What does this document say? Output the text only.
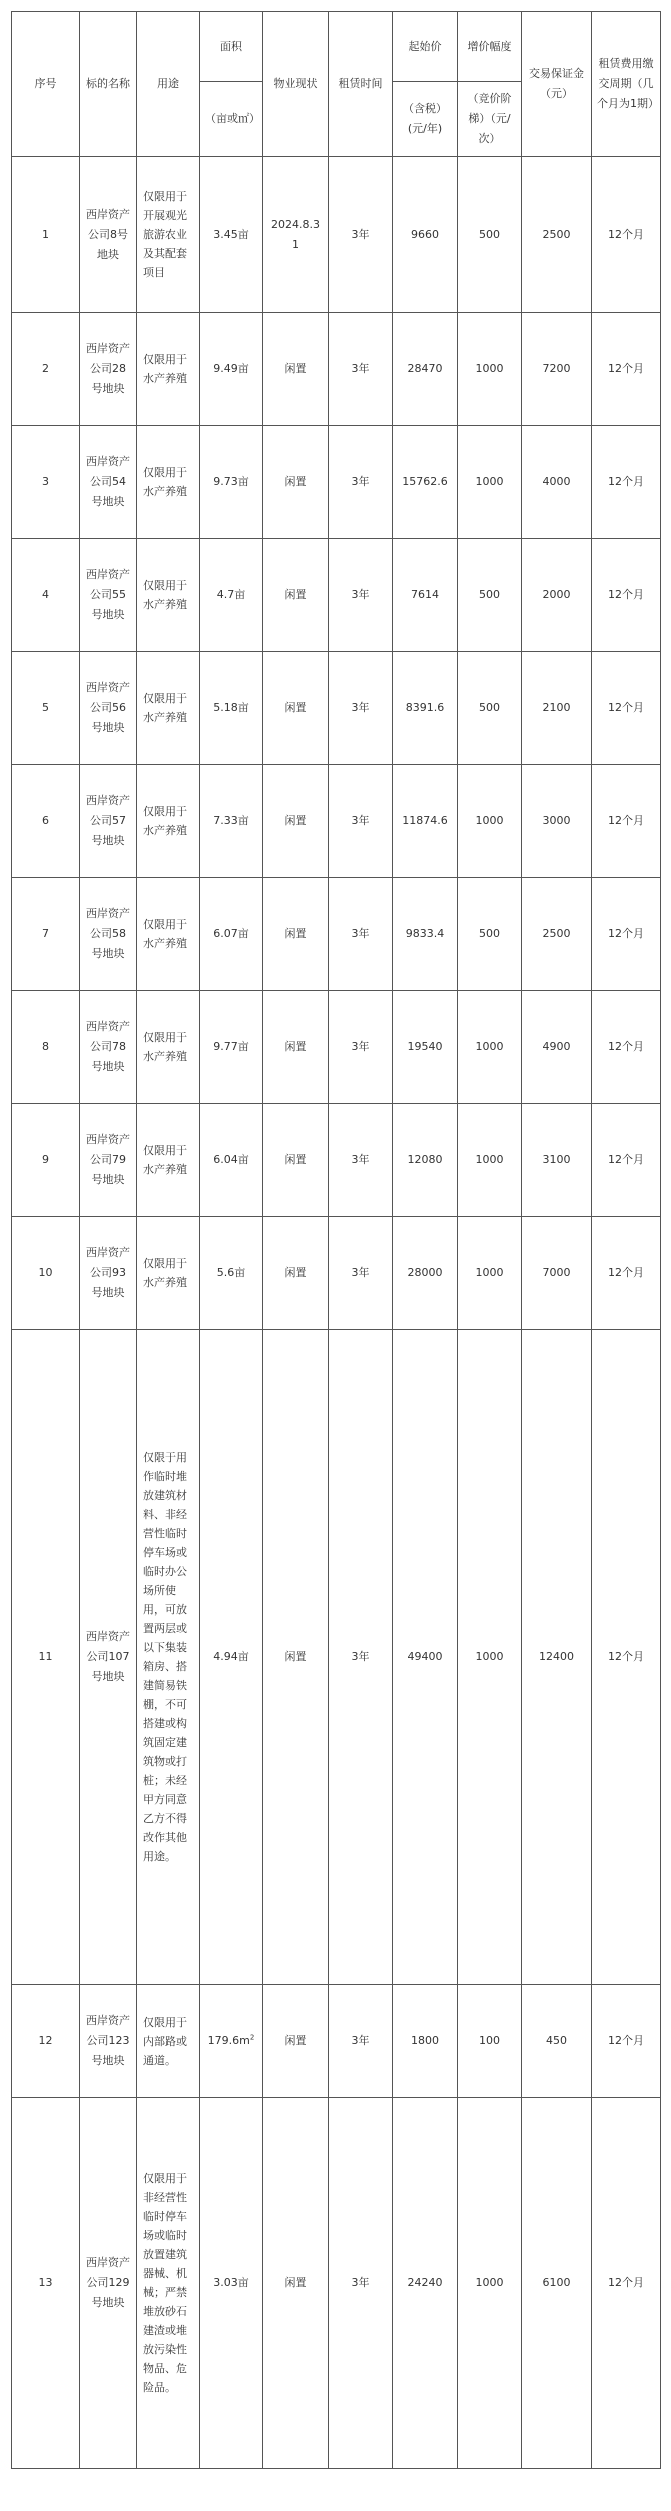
序号	标的名称	用途	面积	物业现状	租赁时间	起始价	增价幅度	交易保证金（元）	租赁费用缴交周期（几个月为1期）
			（亩或㎡）			（含税）(元/年)	（竞价阶梯）（元/次）		
1	西岸资产公司8号地块	仅限用于开展观光旅游农业及其配套项目	3.45亩	2024.8.31	3年	9660	500	2500	12个月
2	西岸资产公司28号地块	仅限用于水产养殖	9.49亩	闲置	3年	28470	1000	7200	12个月
3	西岸资产公司54号地块	仅限用于水产养殖	9.73亩	闲置	3年	15762.6	1000	4000	12个月
4	西岸资产公司55号地块	仅限用于水产养殖	4.7亩	闲置	3年	7614	500	2000	12个月
5	西岸资产公司56号地块	仅限用于水产养殖	5.18亩	闲置	3年	8391.6	500	2100	12个月
6	西岸资产公司57号地块	仅限用于水产养殖	7.33亩	闲置	3年	11874.6	1000	3000	12个月
7	西岸资产公司58号地块	仅限用于水产养殖	6.07亩	闲置	3年	9833.4	500	2500	12个月
8	西岸资产公司78号地块	仅限用于水产养殖	9.77亩	闲置	3年	19540	1000	4900	12个月
9	西岸资产公司79号地块	仅限用于水产养殖	6.04亩	闲置	3年	12080	1000	3100	12个月
10	西岸资产公司93号地块	仅限用于水产养殖	5.6亩	闲置	3年	28000	1000	7000	12个月
11	西岸资产公司107号地块	仅限于用作临时堆放建筑材料、非经营性临时停车场或临时办公场所使用，可放置两层或以下集装箱房、搭建简易铁棚，不可搭建或构筑固定建筑物或打桩；未经甲方同意乙方不得改作其他用途。	4.94亩	闲置	3年	49400	1000	12400	12个月
12	西岸资产公司123号地块	仅限用于内部路或通道。	$179.6m^2$	闲置	3年	1800	100	450	12个月
13	西岸资产公司129号地块	仅限用于非经营性临时停车场或临时放置建筑器械、机械；严禁堆放砂石建渣或堆放污染性物品、危险品。	3.03亩	闲置	3年	24240	1000	6100	12个月
